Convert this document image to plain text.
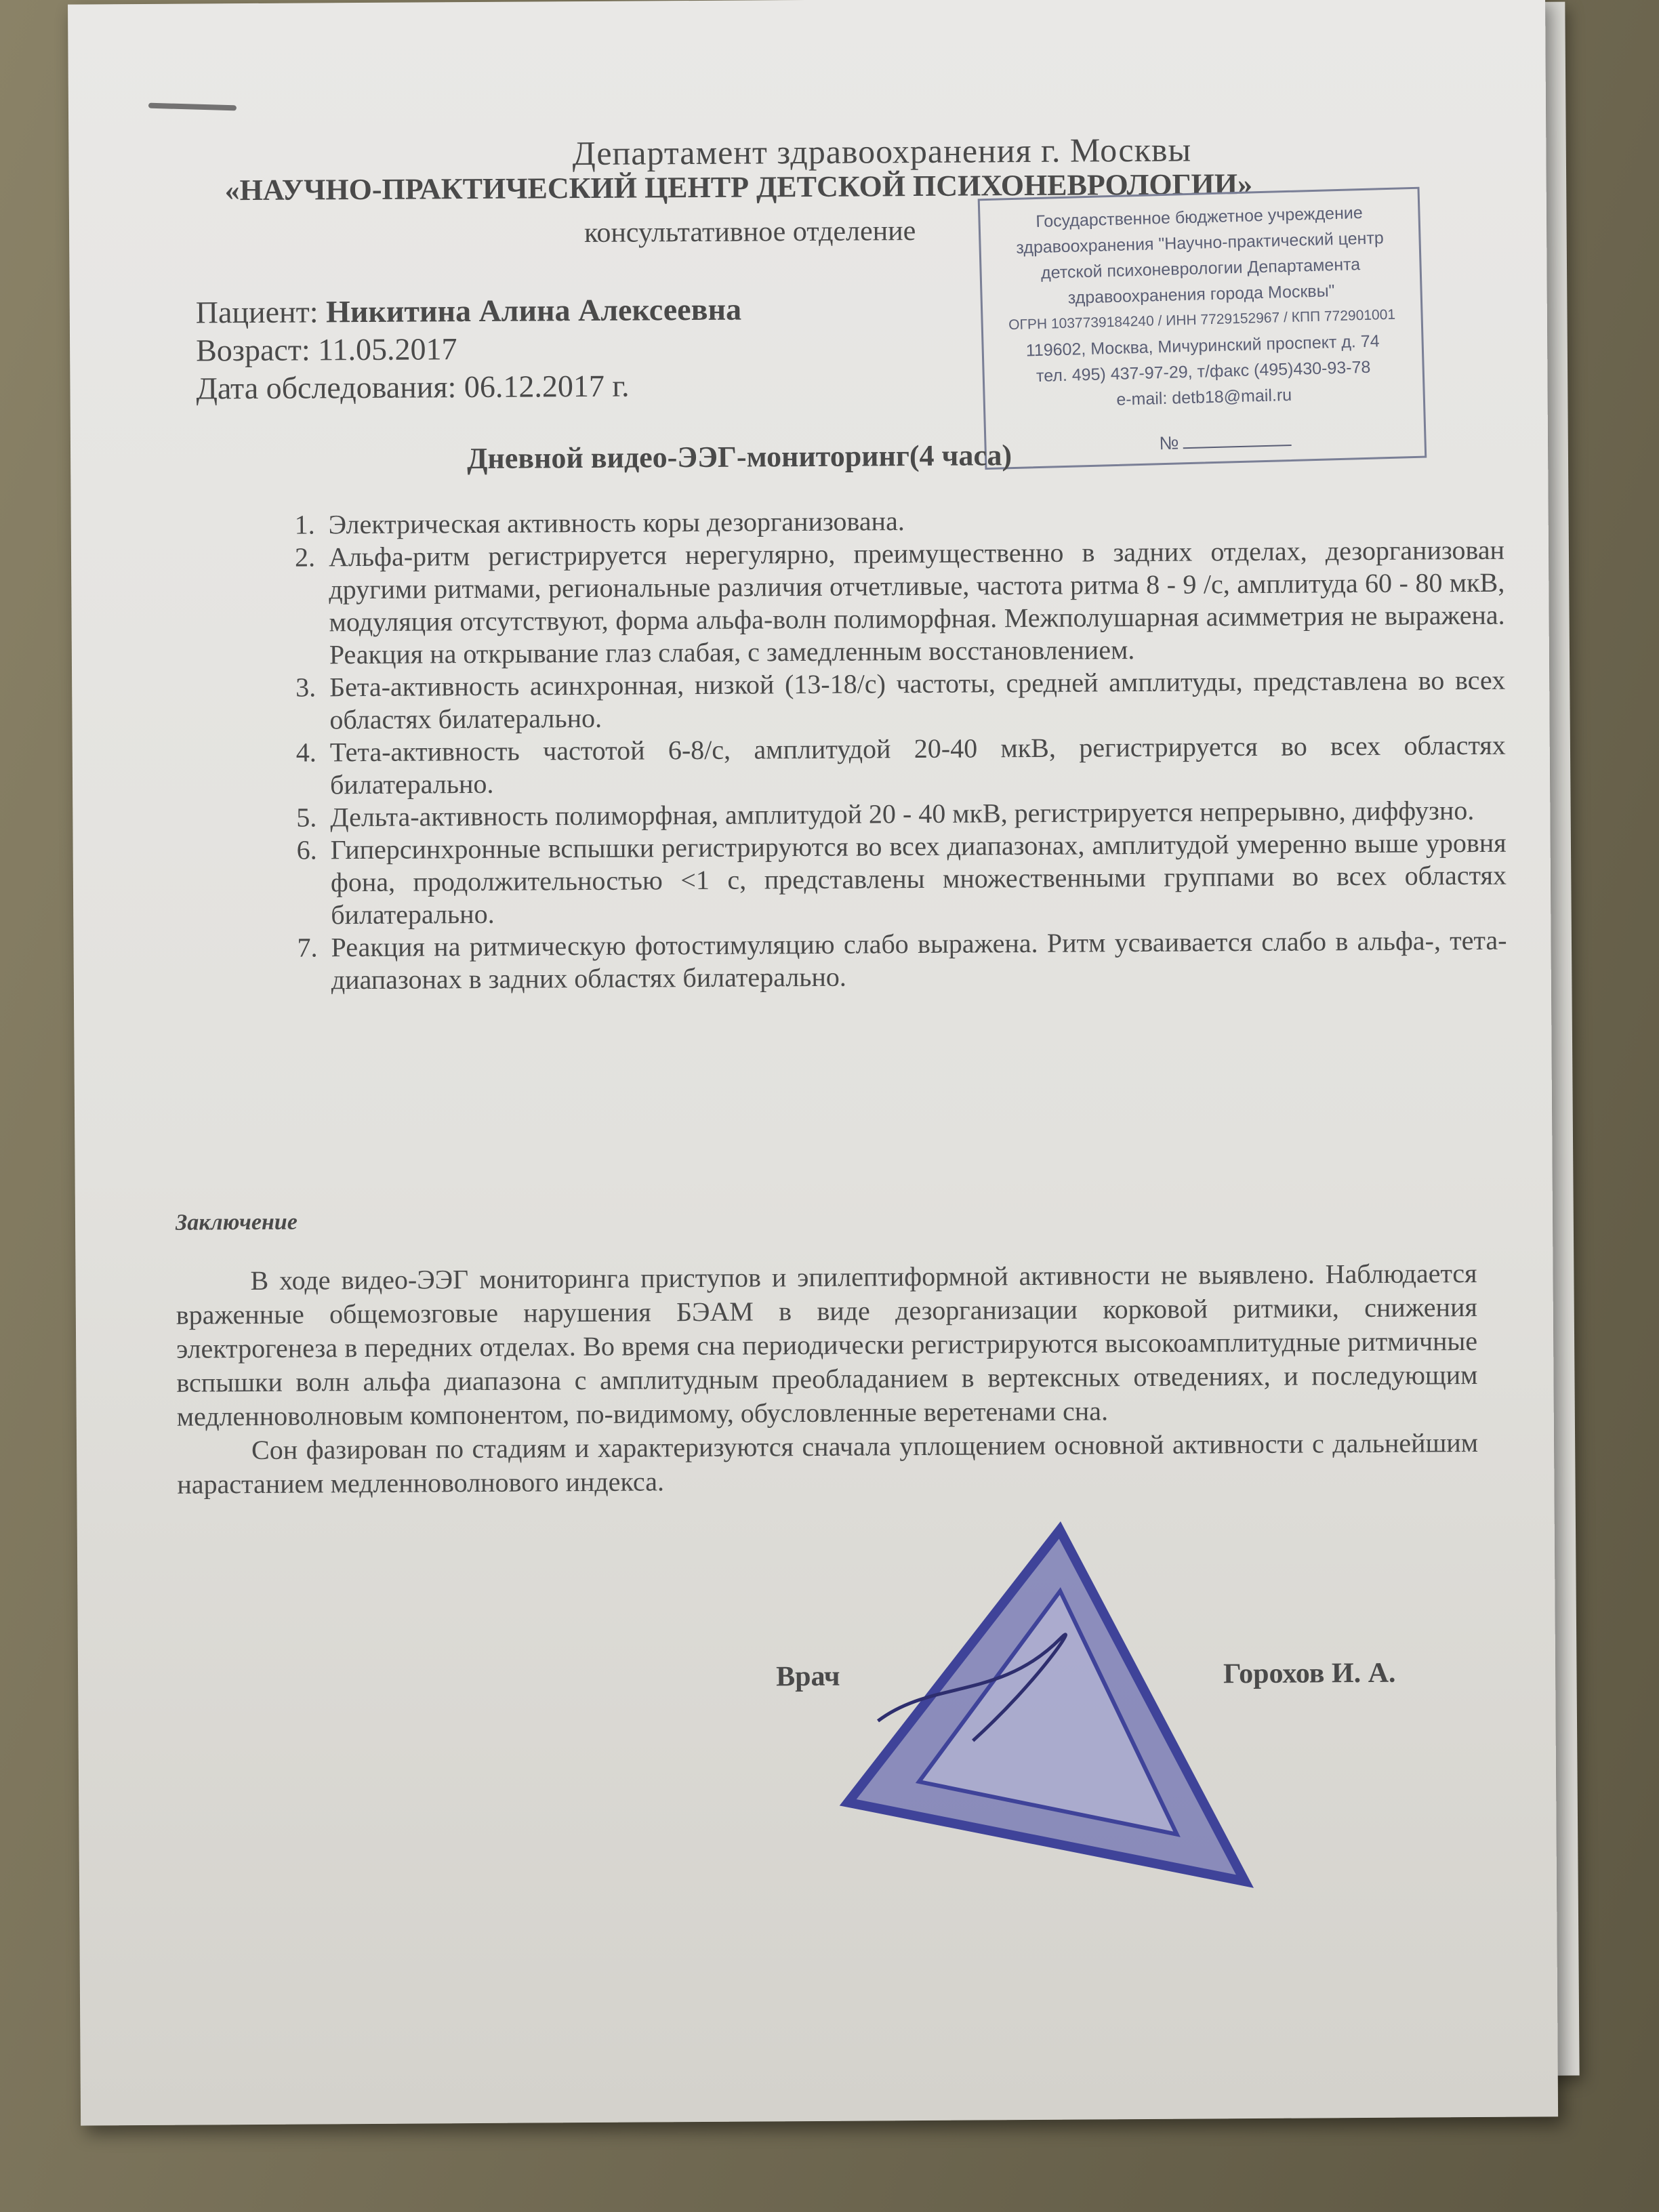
Департамент здравоохранения г. Москвы
«НАУЧНО-ПРАКТИЧЕСКИЙ ЦЕНТР ДЕТСКОЙ ПСИХОНЕВРОЛОГИИ»
консультативное отделение
Пациент: Никитина Алина Алексеевна
Возраст: 11.05.2017
Дата обследования: 06.12.2017 г.
Государственное бюджетное учреждение
здравоохранения "Научно-практический центр
детской психоневрологии Департамента
здравоохранения города Москвы"
ОГРН 1037739184240 / ИНН 7729152967 / КПП 772901001
119602, Москва, Мичуринский проспект д. 74
тел. 495) 437-97-29, т/факс (495)430-93-78
e-mail: detb18@mail.ru
№
Дневной видео-ЭЭГ-мониторинг(4 часа)
1. Электрическая активность коры дезорганизована.
2. Альфа-ритм регистрируется нерегулярно, преимущественно в задних отделах, дезорганизован другими ритмами, региональные различия отчетливые, частота ритма 8 - 9 /с, амплитуда 60 - 80 мкВ, модуляция отсутствуют, форма альфа-волн полиморфная. Межполушарная асимметрия не выражена. Реакция на открывание глаз слабая, с замедленным восстановлением.
3. Бета-активность асинхронная, низкой (13-18/с) частоты, средней амплитуды, представлена во всех областях билатерально.
4. Тета-активность частотой 6-8/с, амплитудой 20-40 мкВ, регистрируется во всех областях билатерально.
5. Дельта-активность полиморфная, амплитудой 20 - 40 мкВ, регистрируется непрерывно, диффузно.
6. Гиперсинхронные вспышки регистрируются во всех диапазонах, амплитудой умеренно выше уровня фона, продолжительностью <1 с, представлены множественными группами во всех областях билатерально.
7. Реакция на ритмическую фотостимуляцию слабо выражена. Ритм усваивается слабо в альфа-, тета-диапазонах в задних областях билатерально.
Заключение

В ходе видео-ЭЭГ мониторинга приступов и эпилептиформной активности не выявлено. Наблюдается враженные общемозговые нарушения БЭАМ в виде дезорганизации корковой ритмики, снижения электрогенеза в передних отделах. Во время сна периодически регистрируются высокоамплитудные ритмичные вспышки волн альфа диапазона с амплитудным преобладанием в вертексных отведениях, и последующим медленноволновым компонентом, по-видимому, обусловленные веретенами сна.

Сон фазирован по стадиям и характеризуются сначала уплощением основной активности с дальнейшим нарастанием медленноволнового индекса.

Врач	Горохов И. А.
